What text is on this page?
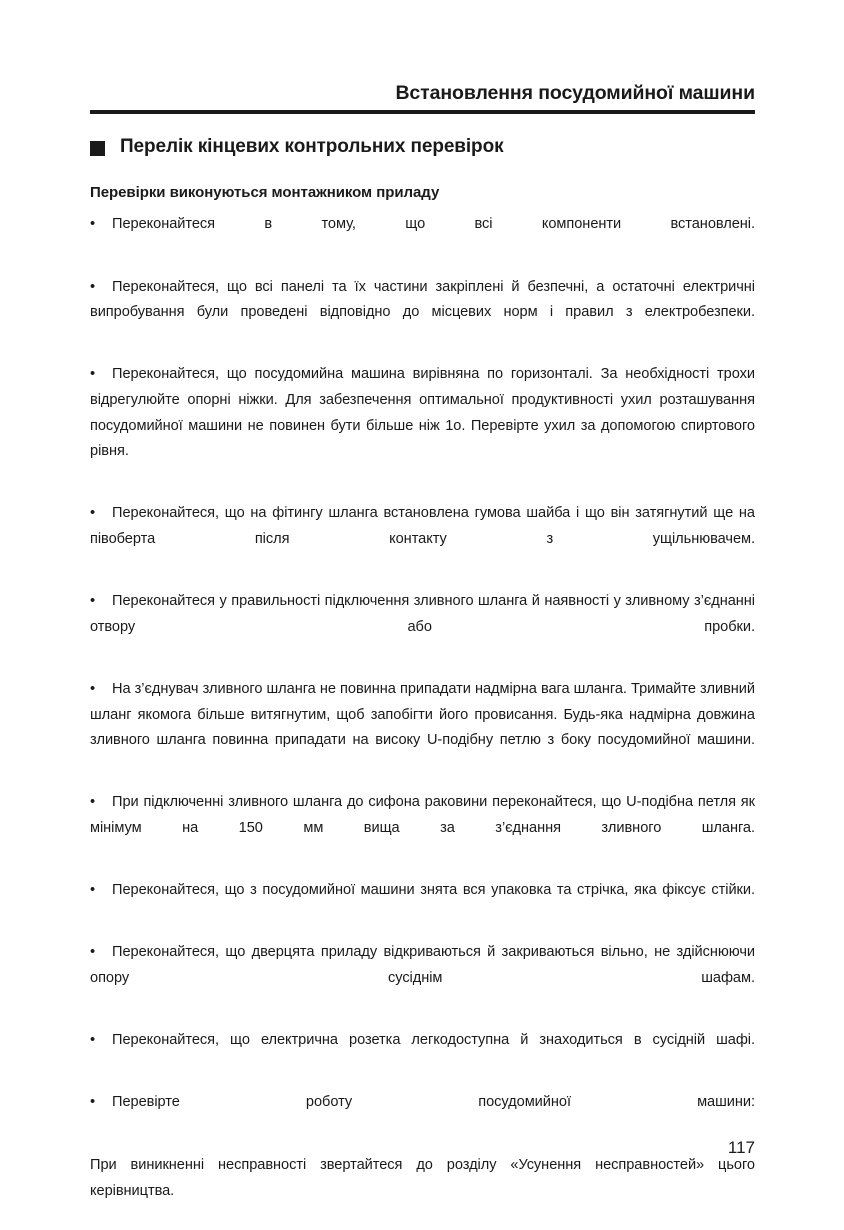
Встановлення посудомийної машини
Перелік кінцевих контрольних перевірок
Перевірки виконуються монтажником приладу
• Переконайтеся в тому, що всі компоненти встановлені.
• Переконайтеся, що всі панелі та їх частини закріплені й безпечні, а остаточні електричні випробування були проведені відповідно до місцевих норм і правил з електробезпеки.
• Переконайтеся, що посудомийна машина вирівняна по горизонталі. За необхідності трохи відрегулюйте опорні ніжки. Для забезпечення оптимальної продуктивності ухил розташування посудомийної машини не повинен бути більше ніж 1о. Перевірте ухил за допомогою спиртового рівня.
• Переконайтеся, що на фітингу шланга встановлена гумова шайба і що він затягнутий ще на півоберта після контакту з ущільнювачем.
• Переконайтеся у правильності підключення зливного шланга й наявності у зливному з’єднанні отвору або пробки.
• На з’єднувач зливного шланга не повинна припадати надмірна вага шланга. Тримайте зливний шланг якомога більше витягнутим, щоб запобігти його провисання. Будь-яка надмірна довжина зливного шланга повинна припадати на високу U-подібну петлю з боку посудомийної машини.
• При підключенні зливного шланга до сифона раковини переконайтеся, що U-подібна петля як мінімум на 150 мм вища за з’єднання зливного шланга.
• Переконайтеся, що з посудомийної машини знята вся упаковка та стрічка, яка фіксує стійки.
• Переконайтеся, що дверцята приладу відкриваються й закриваються вільно, не здійснюючи опору сусіднім шафам.
• Переконайтеся, що електрична розетка легкодоступна й знаходиться в сусідній шафі.
• Перевірте роботу посудомийної машини:
При виникненні несправності звертайтеся до розділу «Усунення несправностей» цього керівництва.
117
